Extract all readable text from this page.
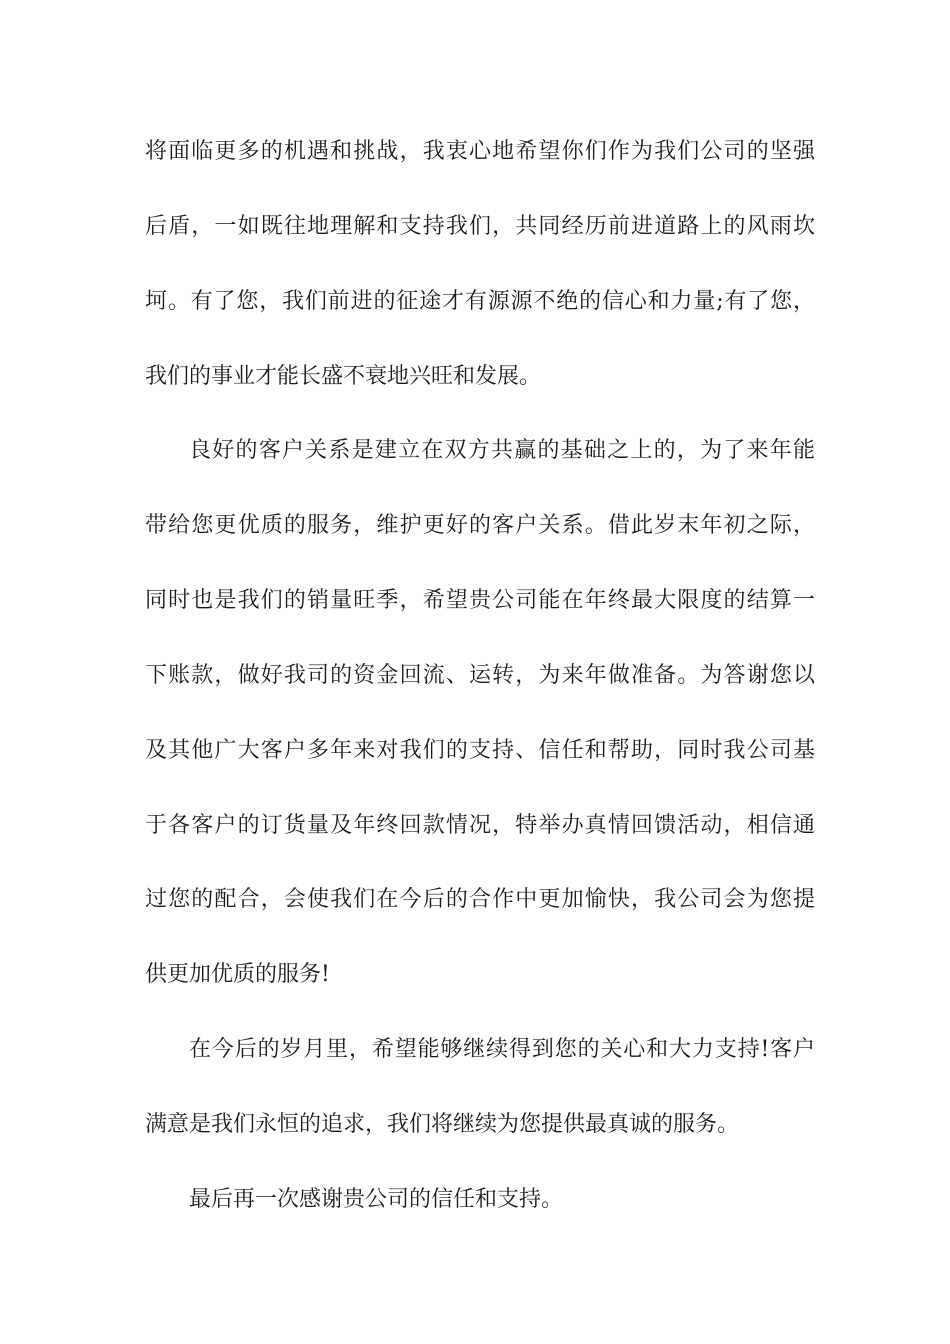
将面临更多的机遇和挑战，我衷心地希望你们作为我们公司的坚强
后盾，一如既往地理解和支持我们，共同经历前进道路上的风雨坎
坷。有了您，我们前进的征途才有源源不绝的信心和力量;有了您，
我们的事业才能长盛不衰地兴旺和发展。
良好的客户关系是建立在双方共赢的基础之上的，为了来年能
带给您更优质的服务，维护更好的客户关系。借此岁末年初之际，
同时也是我们的销量旺季，希望贵公司能在年终最大限度的结算一
下账款，做好我司的资金回流、运转，为来年做准备。为答谢您以
及其他广大客户多年来对我们的支持、信任和帮助，同时我公司基
于各客户的订货量及年终回款情况，特举办真情回馈活动，相信通
过您的配合，会使我们在今后的合作中更加愉快，我公司会为您提
供更加优质的服务!
在今后的岁月里，希望能够继续得到您的关心和大力支持!客户
满意是我们永恒的追求，我们将继续为您提供最真诚的服务。
最后再一次感谢贵公司的信任和支持。
